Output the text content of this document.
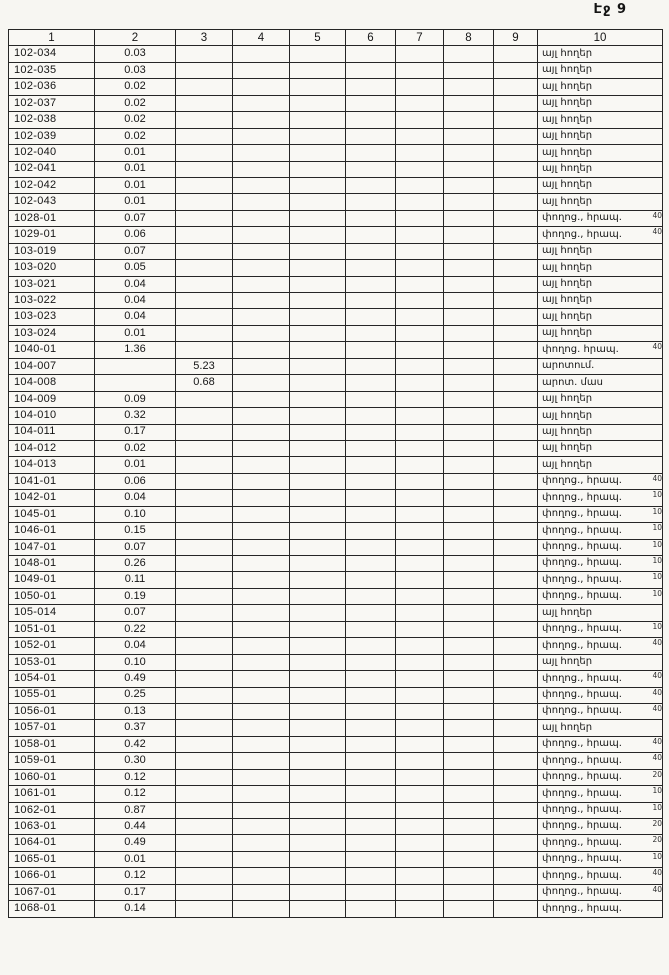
Էջ 9
1	2	3	4	5	6	7	8	9	10
102-034	0.03								այլ հողեր
102-035	0.03								այլ հողեր
102-036	0.02								այլ հողեր
102-037	0.02								այլ հողեր
102-038	0.02								այլ հողեր
102-039	0.02								այլ հողեր
102-040	0.01								այլ հողեր
102-041	0.01								այլ հողեր
102-042	0.01								այլ հողեր
102-043	0.01								այլ հողեր
1028-01	0.07								փողոց., հրապ. 40

1029-01	0.06								փողոց., հրապ. 40

103-019	0.07								այլ հողեր
103-020	0.05								այլ հողեր
103-021	0.04								այլ հողեր
103-022	0.04								այլ հողեր
103-023	0.04								այլ հողեր
103-024	0.01								այլ հողեր
1040-01	1.36								փողոց. հրապ. 40

104-007		5.23							արոտում.
104-008		0.68							արոտ. մաս
104-009	0.09								այլ հողեր
104-010	0.32								այլ հողեր
104-011	0.17								այլ հողեր
104-012	0.02								այլ հողեր
104-013	0.01								այլ հողեր
1041-01	0.06								փողոց., հրապ. 40

1042-01	0.04								փողոց., հրապ. 10

1045-01	0.10								փողոց., հրապ. 10

1046-01	0.15								փողոց., հրապ. 10

1047-01	0.07								փողոց., հրապ. 10

1048-01	0.26								փողոց., հրապ. 10

1049-01	0.11								փողոց., հրապ. 10

1050-01	0.19								փողոց., հրապ. 10

105-014	0.07								այլ հողեր
1051-01	0.22								փողոց., հրապ. 10

1052-01	0.04								փողոց., հրապ. 40

1053-01	0.10								այլ հողեր
1054-01	0.49								փողոց., հրապ. 40

1055-01	0.25								փողոց., հրապ. 40

1056-01	0.13								փողոց., հրապ. 40

1057-01	0.37								այլ հողեր
1058-01	0.42								փողոց., հրապ. 40

1059-01	0.30								փողոց., հրապ. 40

1060-01	0.12								փողոց., հրապ. 20

1061-01	0.12								փողոց., հրապ. 10

1062-01	0.87								փողոց., հրապ. 10

1063-01	0.44								փողոց., հրապ. 20

1064-01	0.49								փողոց., հրապ. 20

1065-01	0.01								փողոց., հրապ. 10

1066-01	0.12								փողոց., հրապ. 40

1067-01	0.17								փողոց., հրապ. 40

1068-01	0.14								փողոց., հրապ.
